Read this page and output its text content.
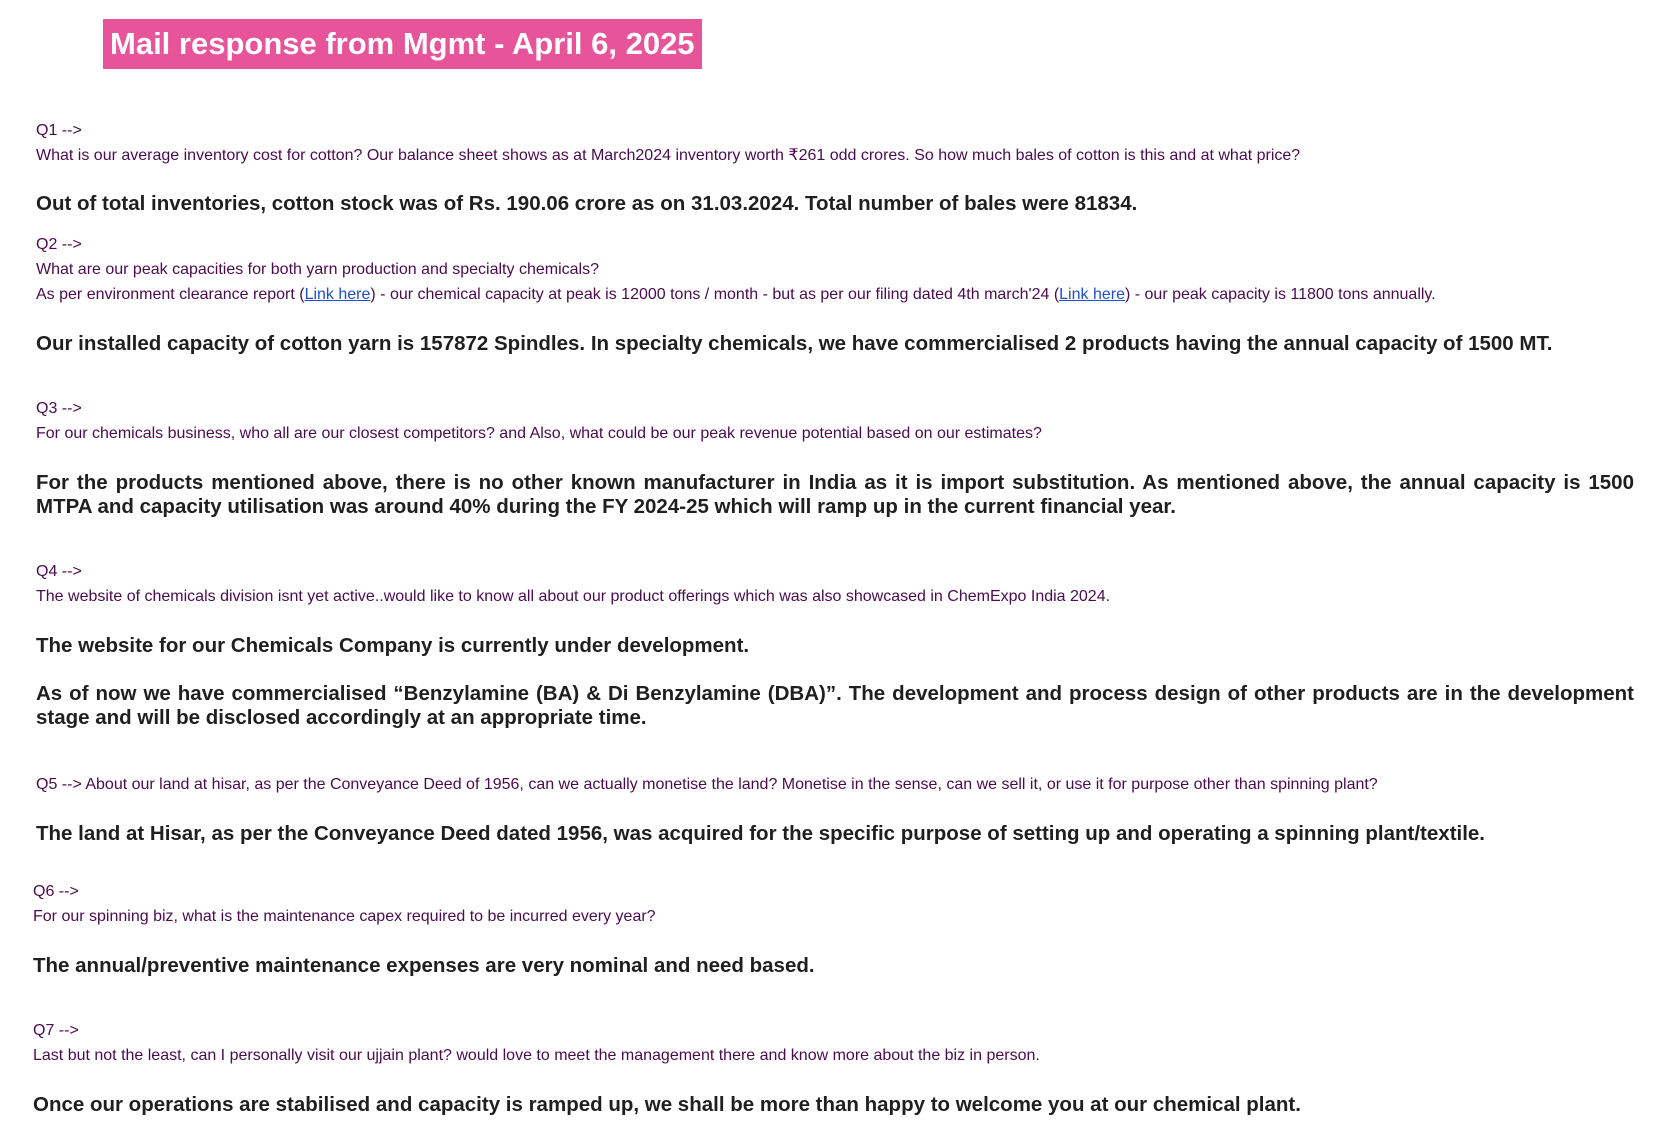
Mail response from Mgmt - April 6, 2025
Q1 -->
What is our average inventory cost for cotton? Our balance sheet shows as at March2024 inventory worth ₹261 odd crores. So how much bales of cotton is this and at what price?
Out of total inventories, cotton stock was of Rs. 190.06 crore as on 31.03.2024. Total number of bales were 81834.
Q2 -->
What are our peak capacities for both yarn production and specialty chemicals?
As per environment clearance report (Link here) - our chemical capacity at peak is 12000 tons / month - but as per our filing dated 4th march'24 (Link here) - our peak capacity is 11800 tons annually.
Our installed capacity of cotton yarn is 157872 Spindles. In specialty chemicals, we have commercialised 2 products having the annual capacity of 1500 MT.
Q3 -->
For our chemicals business, who all are our closest competitors? and Also, what could be our peak revenue potential based on our estimates?
For the products mentioned above, there is no other known manufacturer in India as it is import substitution. As mentioned above, the annual capacity is 1500 MTPA and capacity utilisation was around 40% during the FY 2024-25 which will ramp up in the current financial year.
Q4 -->
The website of chemicals division isnt yet active..would like to know all about our product offerings which was also showcased in ChemExpo India 2024.
The website for our Chemicals Company is currently under development.
As of now we have commercialised “Benzylamine (BA) & Di Benzylamine (DBA)”. The development and process design of other products are in the development stage and will be disclosed accordingly at an appropriate time.
Q5 --> About our land at hisar, as per the Conveyance Deed of 1956, can we actually monetise the land? Monetise in the sense, can we sell it, or use it for purpose other than spinning plant?
The land at Hisar, as per the Conveyance Deed dated 1956, was acquired for the specific purpose of setting up and operating a spinning plant/textile.
Q6 -->
For our spinning biz, what is the maintenance capex required to be incurred every year?
The annual/preventive maintenance expenses are very nominal and need based.
Q7 -->
Last but not the least, can I personally visit our ujjain plant? would love to meet the management there and know more about the biz in person.
Once our operations are stabilised and capacity is ramped up, we shall be more than happy to welcome you at our chemical plant.
